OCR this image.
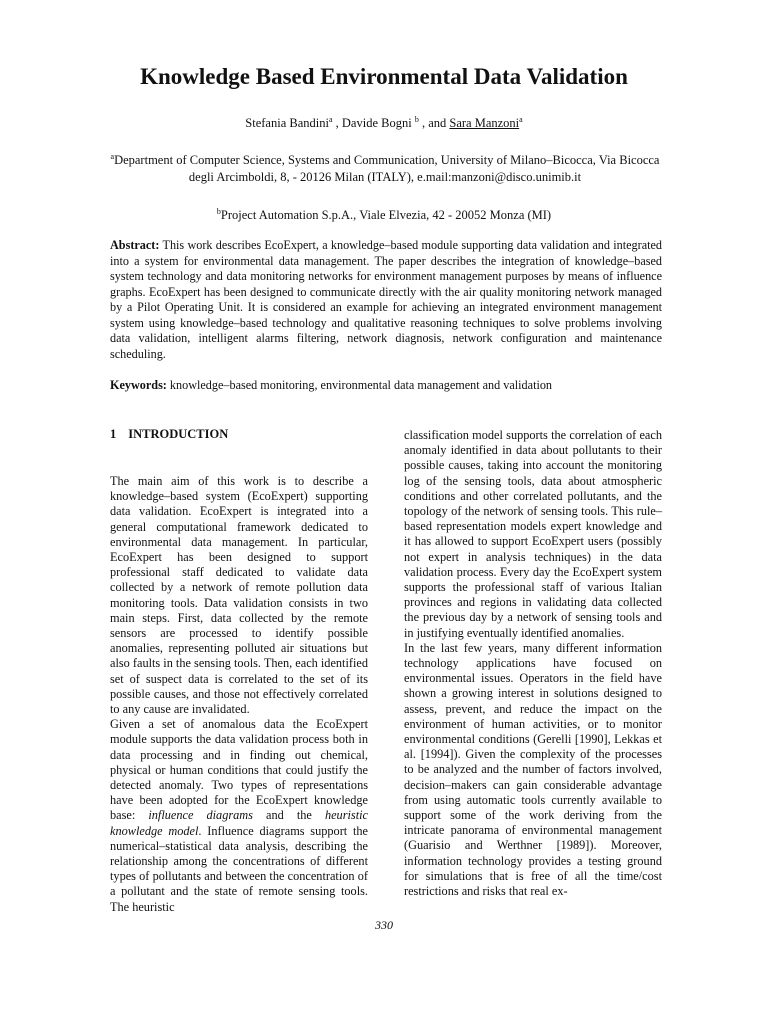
Knowledge Based Environmental Data Validation
Stefania Bandini$^a$ , Davide Bogni $^b$ , and Sara Manzoni$^a$
$^a$Department of Computer Science, Systems and Communication, University of Milano–Bicocca, Via Bicocca degli Arcimboldi, 8, - 20126 Milan (ITALY), e.mail:manzoni@disco.unimib.it
$^b$Project Automation S.p.A., Viale Elvezia, 42 - 20052 Monza (MI)

Abstract: This work describes EcoExpert, a knowledge–based module supporting data validation and integrated into a system for environmental data management. The paper describes the integration of knowledge–based system technology and data monitoring networks for environment management purposes by means of influence graphs. EcoExpert has been designed to communicate directly with the air quality monitoring network managed by a Pilot Operating Unit. It is considered an example for achieving an integrated environment management system using knowledge–based technology and qualitative reasoning techniques to solve problems involving data validation, intelligent alarms filtering, network diagnosis, network configuration and maintenance scheduling.

Keywords: knowledge–based monitoring, environmental data management and validation

1 INTRODUCTION

The main aim of this work is to describe a knowledge–based system (EcoExpert) supporting data validation. EcoExpert is integrated into a general computational framework dedicated to environmental data management. In particular, EcoExpert has been designed to support professional staff dedicated to validate data collected by a network of remote pollution data monitoring tools. Data validation consists in two main steps. First, data collected by the remote sensors are processed to identify possible anomalies, representing polluted air situations but also faults in the sensing tools. Then, each identified set of suspect data is correlated to the set of its possible causes, and those not effectively correlated to any cause are invalidated.

Given a set of anomalous data the EcoExpert module supports the data validation process both in data processing and in finding out chemical, physical or human conditions that could justify the detected anomaly. Two types of representations have been adopted for the EcoExpert knowledge base: influence diagrams and the heuristic knowledge model. Influence diagrams support the numerical–statistical data analysis, describing the relationship among the concentrations of different types of pollutants and between the concentration of a pollutant and the state of remote sensing tools. The heuristic

classification model supports the correlation of each anomaly identified in data about pollutants to their possible causes, taking into account the monitoring log of the sensing tools, data about atmospheric conditions and other correlated pollutants, and the topology of the network of sensing tools. This rule–based representation models expert knowledge and it has allowed to support EcoExpert users (possibly not expert in analysis techniques) in the data validation process. Every day the EcoExpert system supports the professional staff of various Italian provinces and regions in validating data collected the previous day by a network of sensing tools and in justifying eventually identified anomalies.

In the last few years, many different information technology applications have focused on environmental issues. Operators in the field have shown a growing interest in solutions designed to assess, prevent, and reduce the impact on the environment of human activities, or to monitor environmental conditions (Gerelli [1990], Lekkas et al. [1994]). Given the complexity of the processes to be analyzed and the number of factors involved, decision–makers can gain considerable advantage from using automatic tools currently available to support some of the work deriving from the intricate panorama of environmental management (Guarisio and Werthner [1989]). Moreover, information technology provides a testing ground for simulations that is free of all the time/cost restrictions and risks that real ex-

330
